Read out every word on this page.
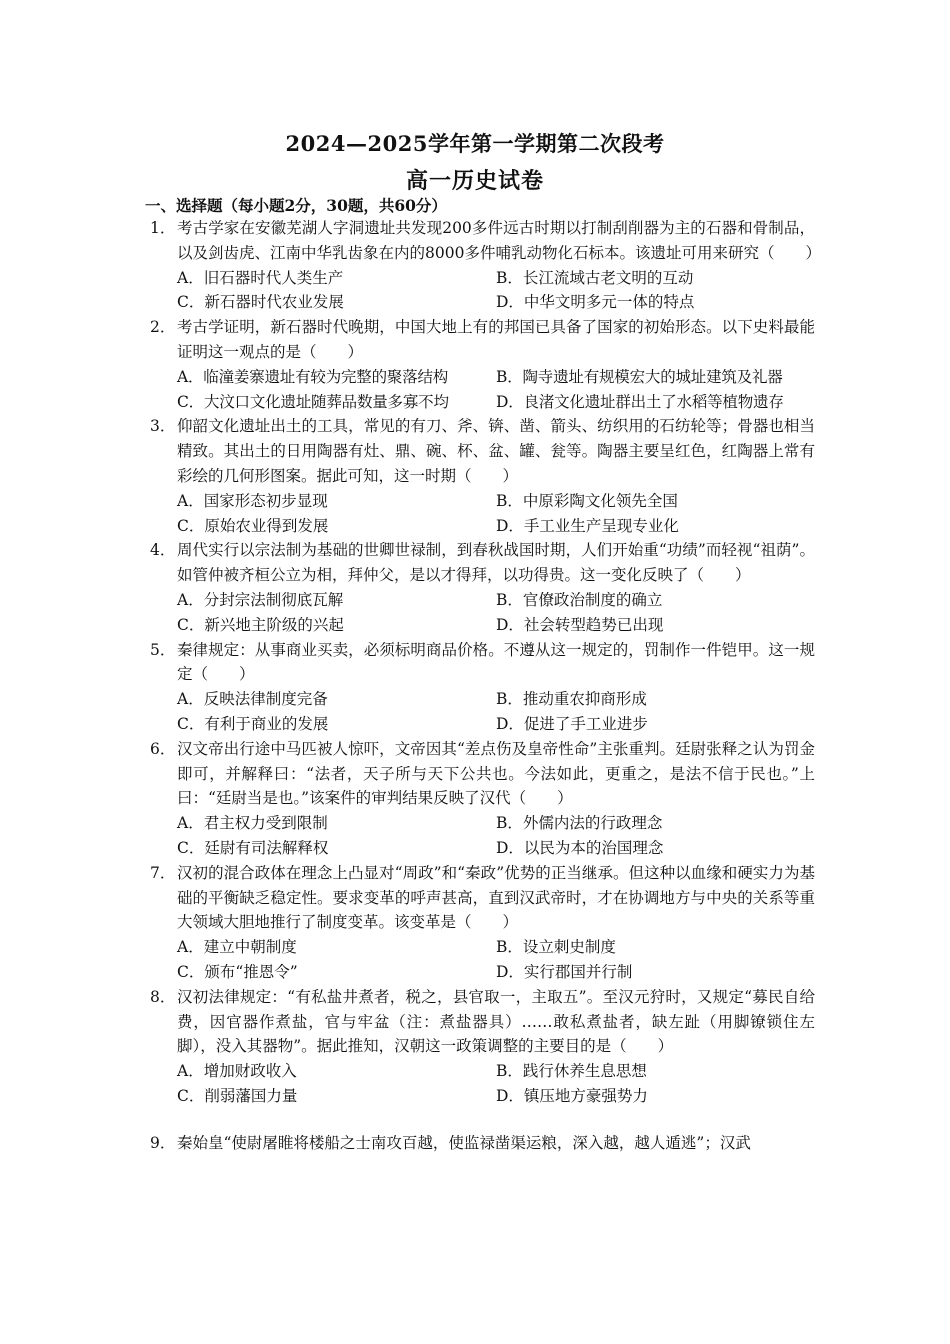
2024—2025学年第一学期第二次段考
高一历史试卷
一、选择题（每小题2分，30题，共60分）
1． 考古学家在安徽芜湖人字洞遗址共发现200多件远古时期以打制刮削器为主的石器和骨制品，以及剑齿虎、江南中华乳齿象在内的8000多件哺乳动物化石标本。该遗址可用来研究（　　）
A．旧石器时代人类生产	B．长江流域古老文明的互动
C．新石器时代农业发展	D．中华文明多元一体的特点
2． 考古学证明，新石器时代晚期，中国大地上有的邦国已具备了国家的初始形态。以下史料最能证明这一观点的是（　　）
A．临潼姜寨遗址有较为完整的聚落结构	B．陶寺遗址有规模宏大的城址建筑及礼器
C．大汶口文化遗址随葬品数量多寡不均	D．良渚文化遗址群出土了水稻等植物遗存
3． 仰韶文化遗址出土的工具，常见的有刀、斧、锛、凿、箭头、纺织用的石纺轮等；骨器也相当精致。其出土的日用陶器有灶、鼎、碗、杯、盆、罐、瓮等。陶器主要呈红色，红陶器上常有彩绘的几何形图案。据此可知，这一时期（　　）
A．国家形态初步显现	B．中原彩陶文化领先全国
C．原始农业得到发展	D．手工业生产呈现专业化
4． 周代实行以宗法制为基础的世卿世禄制，到春秋战国时期，人们开始重“功绩”而轻视“祖荫”。如管仲被齐桓公立为相，拜仲父，是以才得拜，以功得贵。这一变化反映了（　　）
A．分封宗法制彻底瓦解	B．官僚政治制度的确立
C．新兴地主阶级的兴起	D．社会转型趋势已出现
5． 秦律规定：从事商业买卖，必须标明商品价格。不遵从这一规定的，罚制作一件铠甲。这一规定（　　）
A．反映法律制度完备	B．推动重农抑商形成
C．有利于商业的发展	D．促进了手工业进步
6． 汉文帝出行途中马匹被人惊吓，文帝因其“差点伤及皇帝性命”主张重判。廷尉张释之认为罚金即可，并解释曰：“法者，天子所与天下公共也。今法如此，更重之，是法不信于民也。”上曰：“廷尉当是也。”该案件的审判结果反映了汉代（　　）
A．君主权力受到限制	B．外儒内法的行政理念
C．廷尉有司法解释权	D．以民为本的治国理念
7． 汉初的混合政体在理念上凸显对“周政”和“秦政”优势的正当继承。但这种以血缘和硬实力为基础的平衡缺乏稳定性。要求变革的呼声甚高，直到汉武帝时，才在协调地方与中央的关系等重大领域大胆地推行了制度变革。该变革是（　　）
A．建立中朝制度	B．设立刺史制度
C．颁布“推恩令”	D．实行郡国并行制
8． 汉初法律规定：“有私盐井煮者，税之，县官取一，主取五”。至汉元狩时，又规定“募民自给费，因官器作煮盐，官与牢盆（注：煮盐器具）……敢私煮盐者，缺左趾（用脚镣锁住左脚），没入其器物”。据此推知，汉朝这一政策调整的主要目的是（　　）
A．增加财政收入	B．践行休养生息思想
C．削弱藩国力量	D．镇压地方豪强势力
9． 秦始皇“使尉屠睢将楼船之士南攻百越，使监禄凿渠运粮，深入越，越人遁逃”；汉武
